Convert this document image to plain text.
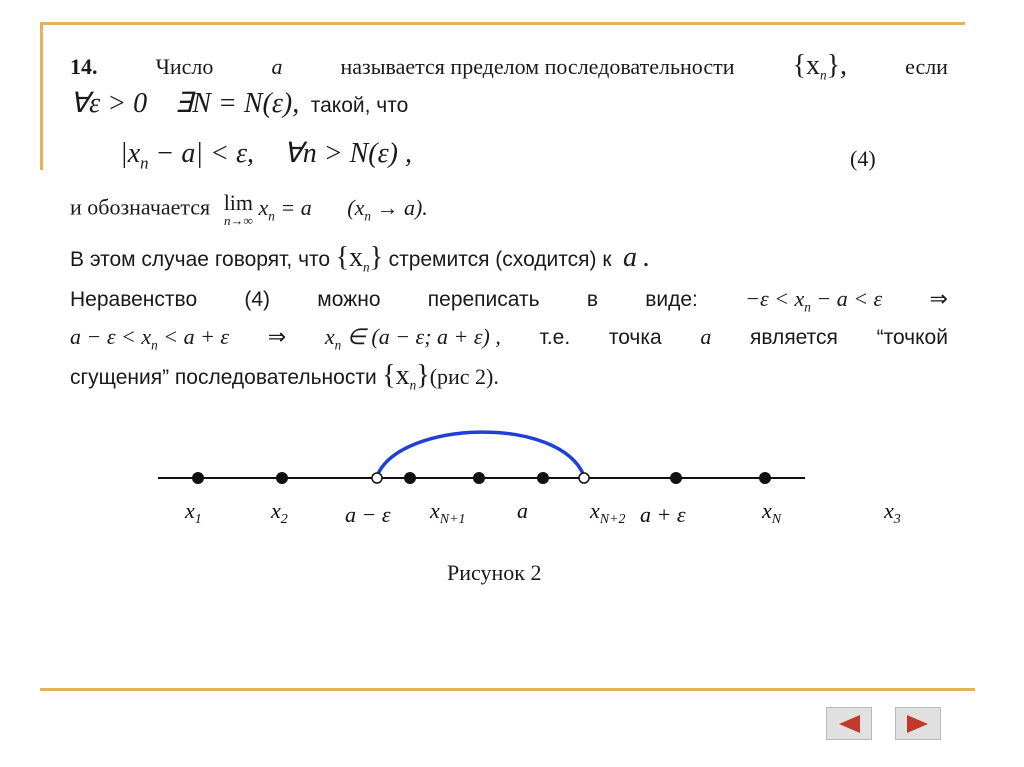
14.	Число	a	называется пределом последовательности $\{x_n\}$,	если
∀ε > 0 ∃N = N(ε), такой, что
$|x_n - a| < \varepsilon$, ∀n > N(ε) ,	(4)
и обозначается lim
n→∞
$x_n = a$ $(x_n \to a)$.
В этом случае говорят, что $\{x_n\}$ стремится (сходится) к a .
Неравенство (4) можно переписать в виде: $-\varepsilon < x_n - a < \varepsilon$ ⇒
$a - \varepsilon < x_n < a + \varepsilon$ ⇒ $x_n$ ∈ (a − ε; a + ε) , т.е. точка a является “точкой
сгущения” последовательности $\{x_n\}(рис$ 2).
$x_1$	$x_2$	a − ε $x_{N+1}$ a	$x_{N+2}$ a + ε	$x_N$	$x_3$
Рисунок 2
